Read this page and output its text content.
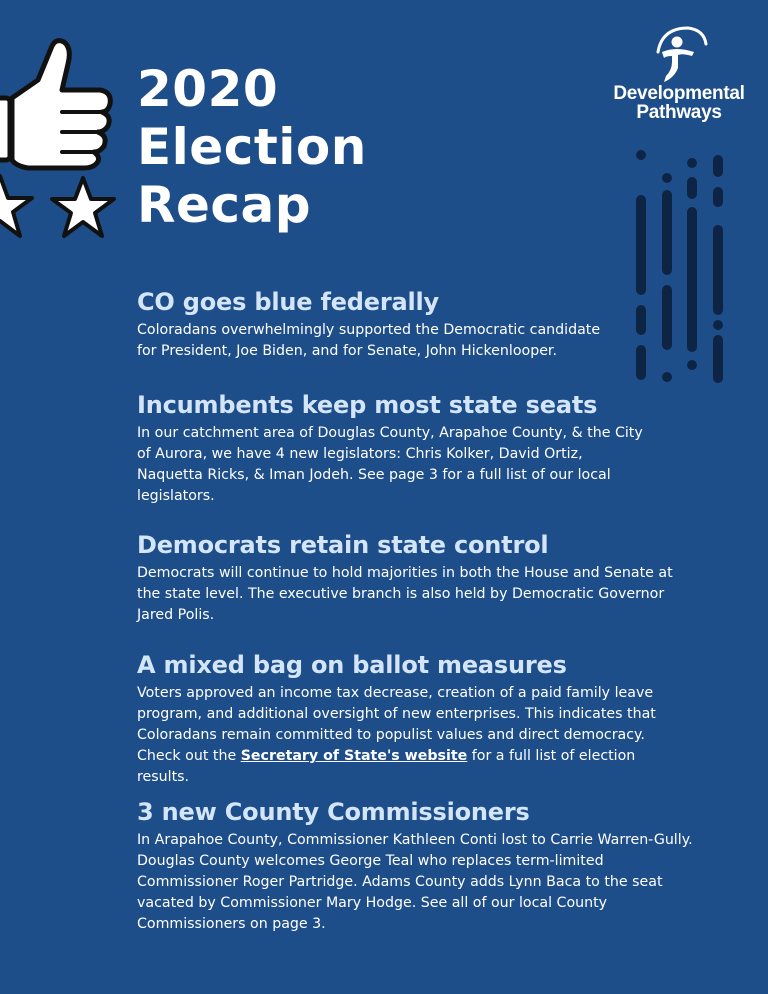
2020
Election
Recap
Developmental
Pathways
CO goes blue federally

Coloradans overwhelmingly supported the Democratic candidate for President, Joe Biden, and for Senate, John Hickenlooper.

Incumbents keep most state seats

In our catchment area of Douglas County, Arapahoe County, & the City of Aurora, we have 4 new legislators: Chris Kolker, David Ortiz, Naquetta Ricks, & Iman Jodeh. See page 3 for a full list of our local legislators.

Democrats retain state control

Democrats will continue to hold majorities in both the House and Senate at the state level. The executive branch is also held by Democratic Governor Jared Polis.

A mixed bag on ballot measures

Voters approved an income tax decrease, creation of a paid family leave program, and additional oversight of new enterprises. This indicates that Coloradans remain committed to populist values and direct democracy. Check out the Secretary of State's website for a full list of election results.

3 new County Commissioners

In Arapahoe County, Commissioner Kathleen Conti lost to Carrie Warren-Gully. Douglas County welcomes George Teal who replaces term-limited Commissioner Roger Partridge. Adams County adds Lynn Baca to the seat vacated by Commissioner Mary Hodge. See all of our local County Commissioners on page 3.
